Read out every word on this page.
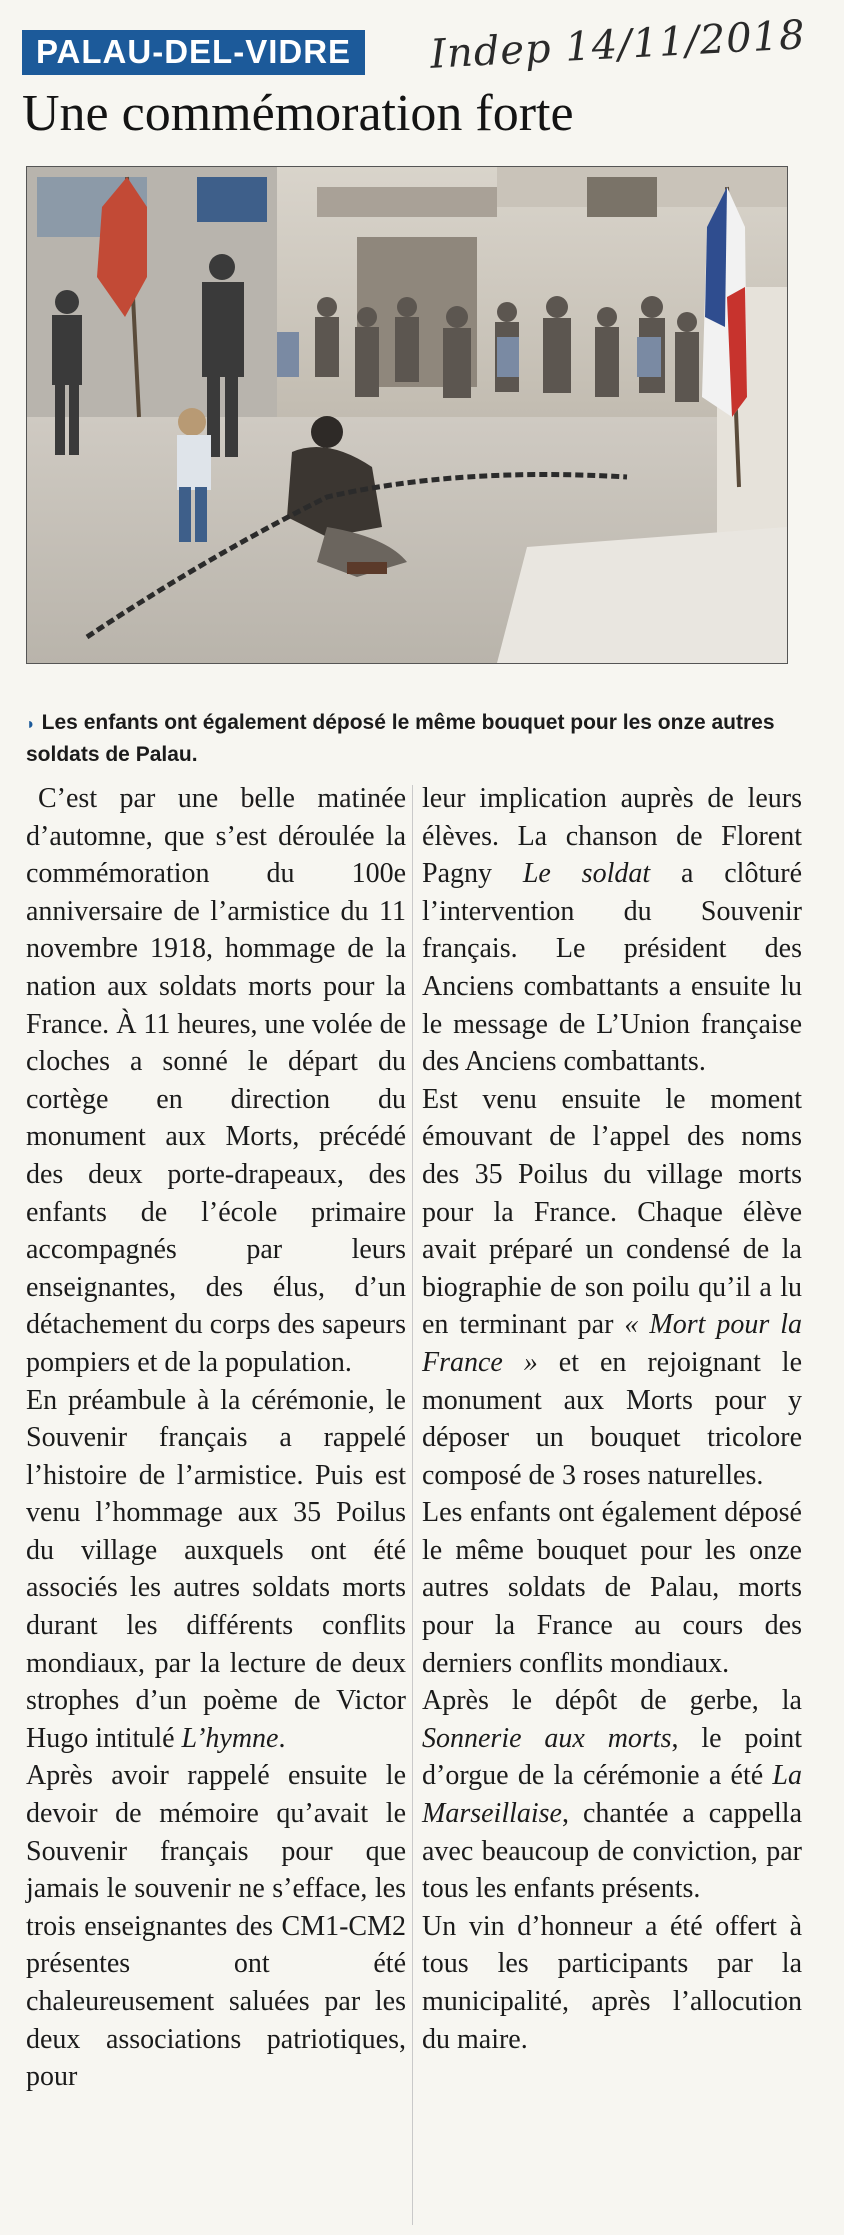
PALAU-DEL-VIDRE	Indep 14/11/2018
Une commémoration forte
◗ Les enfants ont également déposé le même bouquet pour les onze autres soldats de Palau.

C’est par une belle matinée d’automne, que s’est déroulée la commémoration du 100e anniversaire de l’armistice du 11 novembre 1918, hommage de la nation aux soldats morts pour la France. À 11 heures, une volée de cloches a sonné le départ du cortège en direction du monument aux Morts, précédé des deux porte-drapeaux, des enfants de l’école primaire accompagnés par leurs enseignantes, des élus, d’un détachement du corps des sapeurs pompiers et de la population.

En préambule à la cérémonie, le Souvenir français a rappelé l’histoire de l’armistice. Puis est venu l’hommage aux 35 Poilus du village auxquels ont été associés les autres soldats morts durant les différents conflits mondiaux, par la lecture de deux strophes d’un poème de Victor Hugo intitulé L’hymne.

Après avoir rappelé ensuite le devoir de mémoire qu’avait le Souvenir français pour que jamais le souvenir ne s’efface, les trois enseignantes des CM1-CM2 présentes ont été chaleureusement saluées par les deux associations patriotiques, pour

leur implication auprès de leurs élèves. La chanson de Florent Pagny Le soldat a clôturé l’intervention du Souvenir français. Le président des Anciens combattants a ensuite lu le message de L’Union française des Anciens combattants.

Est venu ensuite le moment émouvant de l’appel des noms des 35 Poilus du village morts pour la France. Chaque élève avait préparé un condensé de la biographie de son poilu qu’il a lu en terminant par « Mort pour la France » et en rejoignant le monument aux Morts pour y déposer un bouquet tricolore composé de 3 roses naturelles.

Les enfants ont également déposé le même bouquet pour les onze autres soldats de Palau, morts pour la France au cours des derniers conflits mondiaux.

Après le dépôt de gerbe, la Sonnerie aux morts, le point d’orgue de la cérémonie a été La Marseillaise, chantée a cappella avec beaucoup de conviction, par tous les enfants présents.

Un vin d’honneur a été offert à tous les participants par la municipalité, après l’allocution du maire.
